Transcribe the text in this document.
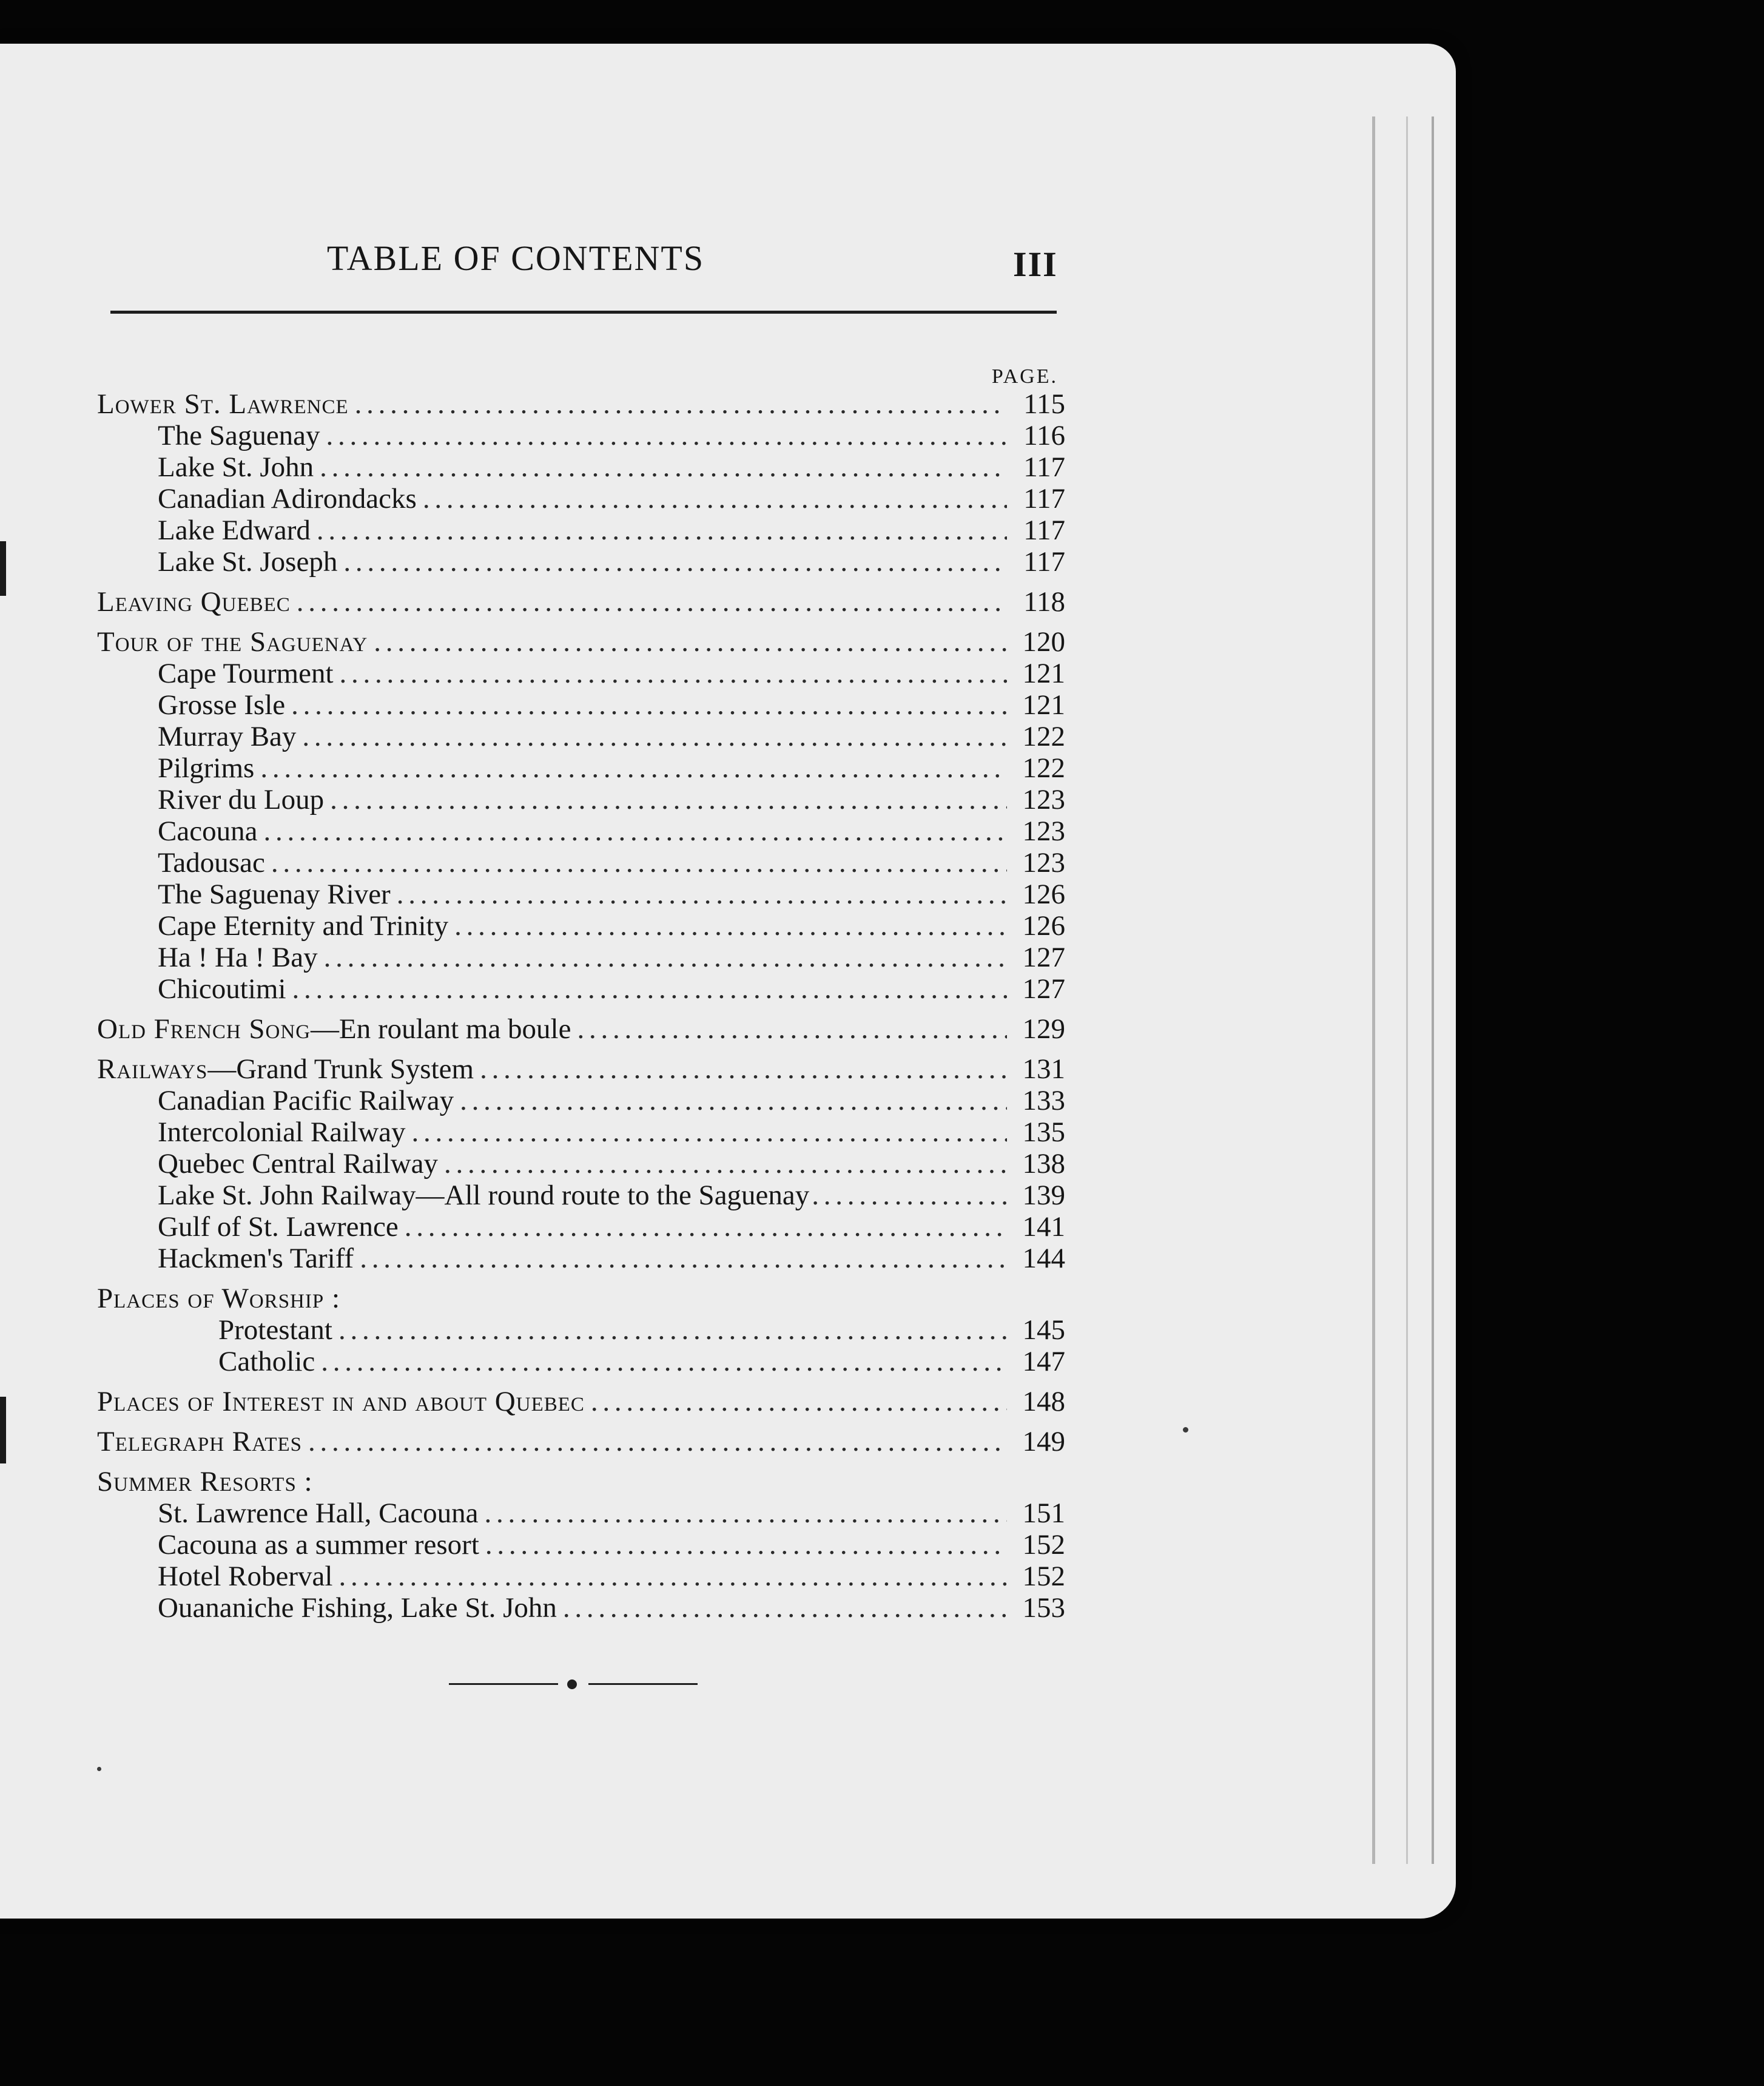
TABLE OF CONTENTS	III
PAGE.
Lower St. Lawrence . . .	115
The Saguenay . . .	116
Lake St. John . . .	117
Canadian Adirondacks . . .	117
Lake Edward . . .	117
Lake St. Joseph . . .	117
Leaving Quebec . . .	118
Tour of the Saguenay . . .	120
Cape Tourment . . .	121
Grosse Isle . . .	121
Murray Bay . . .	122
Pilgrims . . .	122
River du Loup . . .	123
Cacouna . . .	123
Tadousac . . .	123
The Saguenay River . . .	126
Cape Eternity and Trinity . . .	126
Ha ! Ha ! Bay . . .	127
Chicoutimi . . .	127
Old French Song—En roulant ma boule . . .	129
Railways—Grand Trunk System . . .	131
Canadian Pacific Railway . . .	133
Intercolonial Railway . . .	135
Quebec Central Railway . . .	138
Lake St. John Railway—All round route to the Saguenay . . .	139
Gulf of St. Lawrence . . .	141
Hackmen's Tariff . . .	144
Places of Worship :
Protestant . . .	145
Catholic . . .	147
Places of Interest in and about Quebec . . .	148
Telegraph Rates . . .	149
Summer Resorts :
St. Lawrence Hall, Cacouna . . .	151
Cacouna as a summer resort . . .	152
Hotel Roberval . . .	152
Ouananiche Fishing, Lake St. John . . .	153
